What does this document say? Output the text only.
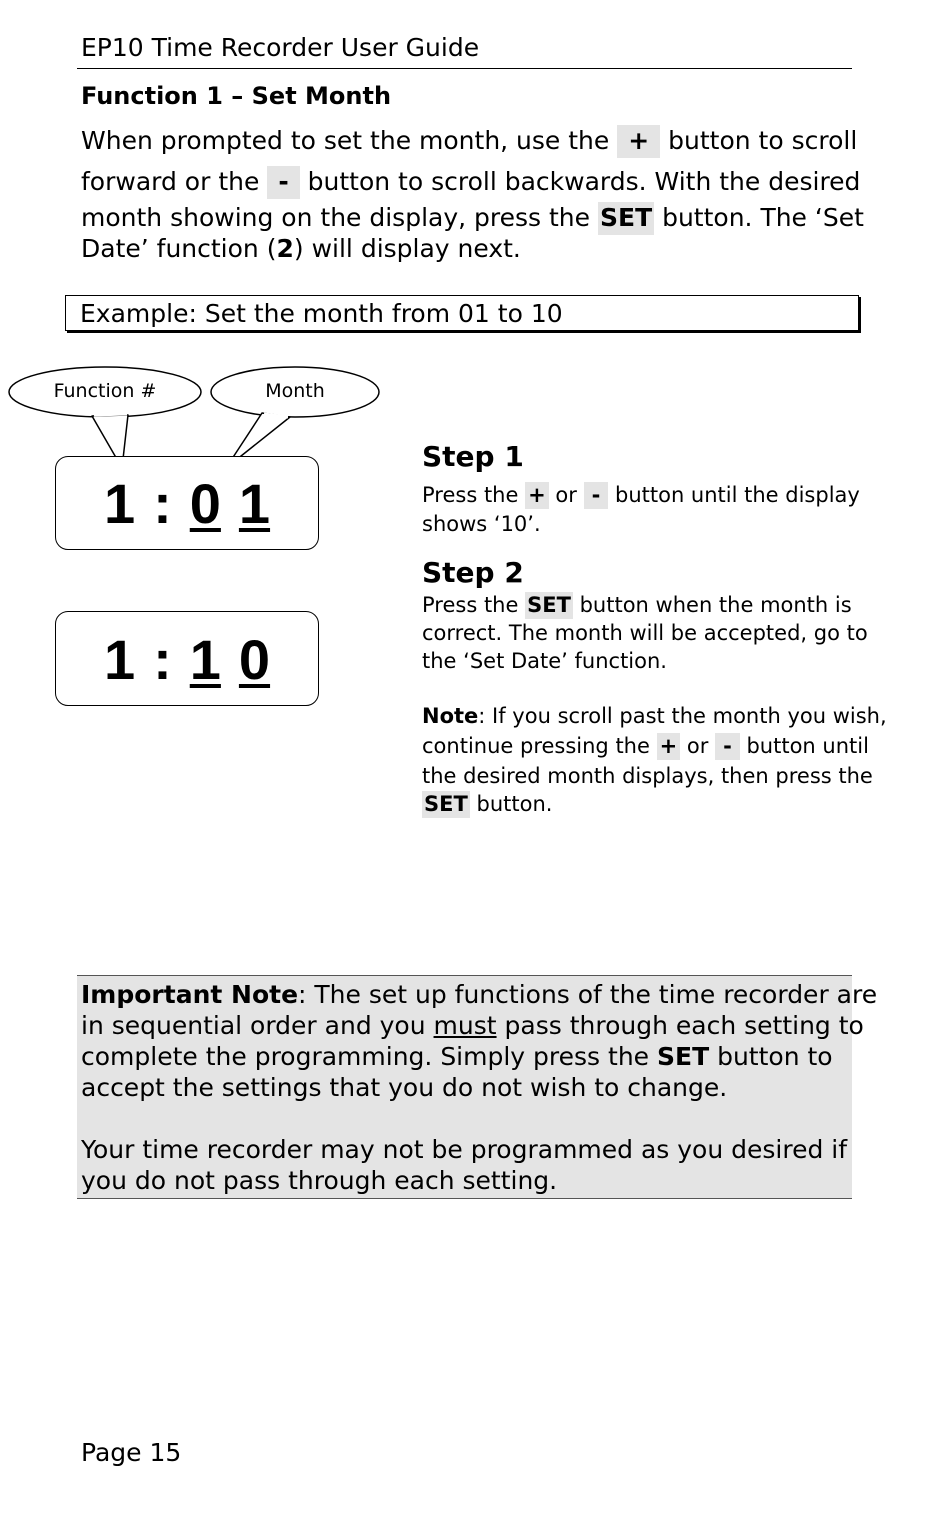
EP10 Time Recorder User Guide
Function 1 – Set Month
When prompted to set the month, use the + button to scroll
forward or the - button to scroll backwards. With the desired
month showing on the display, press the SET button. The ‘Set
Date’ function (2) will display next.
Example: Set the month from 01 to 10
Function #	Month
1 : 0 1
1 : 1 0
Step 1
Press the + or - button until the display
shows ‘10’.
Step 2
Press the SET button when the month is
correct. The month will be accepted, go to
the ‘Set Date’ function.
Note: If you scroll past the month you wish,
continue pressing the + or - button until
the desired month displays, then press the
SET button.
Important Note: The set up functions of the time recorder are
in sequential order and you must pass through each setting to
complete the programming. Simply press the SET button to
accept the settings that you do not wish to change.
Your time recorder may not be programmed as you desired if
you do not pass through each setting.
Page 15
